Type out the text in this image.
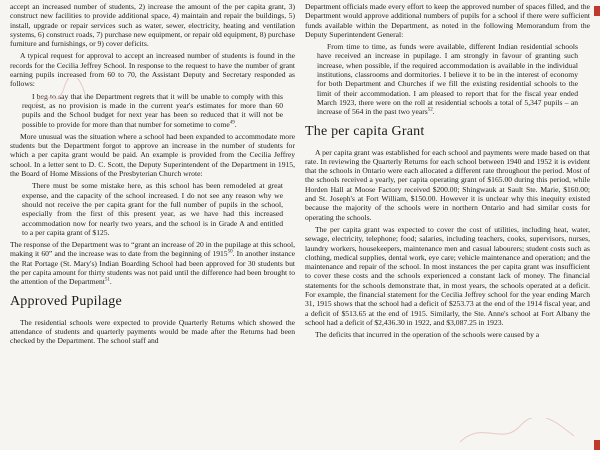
accept an increased number of students, 2) increase the amount of the per capita grant, 3) construct new facilities to provide additional space, 4) maintain and repair the buildings, 5) install, upgrade or repair services such as water, sewer, electricity, heating and ventilation systems, 6) construct roads, 7) purchase new equipment, or repair old equipment, 8) purchase furniture and furnishings, or 9) cover deficits.

A typical request for approval to accept an increased number of students is found in the records for the Cecilia Jeffrey School. In response to the request to have the number of grant earning pupils increased from 60 to 70, the Assistant Deputy and Secretary responded as follows:

I beg to say that the Department regrets that it will be unable to comply with this request, as no provision is made in the current year's estimates for more than 60 pupils and the School budget for next year has been so reduced that it will not be possible to provide for more than that number for sometime to come$^{49}$.

More unusual was the situation where a school had been expanded to accommodate more students but the Department forgot to approve an increase in the number of students for which a per capita grant would be paid. An example is provided from the Cecilia Jeffrey school. In a letter sent to D. C. Scott, the Deputy Superintendent of the Department in 1915, the Board of Home Missions of the Presbyterian Church wrote:

There must be some mistake here, as this school has been remodeled at great expense, and the capacity of the school increased. I do not see any reason why we should not receive the per capita grant for the full number of pupils in the school, especially from the first of this present year, as we have had this increased accommodation now for nearly two years, and the school is in Grade A and entitled to a per capita grant of $125.

The response of the Department was to “grant an increase of 20 in the pupilage at this school, making it 60” and the increase was to date from the beginning of 1915$^{50}$. In another instance the Rat Portage (St. Mary's) Indian Boarding School had been approved for 30 students but the per capita amount for thirty students was not paid until the difference had been brought to the attention of the Department$^{51}$.

Approved Pupilage

The residential schools were expected to provide Quarterly Returns which showed the attendance of students and quarterly payments would be made after the Returns had been checked by the Department. The school staff and

Department officials made every effort to keep the approved number of spaces filled, and the Department would approve additional numbers of pupils for a school if there were sufficient funds available within the Department, as noted in the following Memorandum from the Deputy Superintendent General:

From time to time, as funds were available, different Indian residential schools have received an increase in pupilage. I am strongly in favour of granting such increase, when possible, if the required accommodation is available in the individual institutions, classrooms and dormitories. I believe it to be in the interest of economy for both Department and Churches if we fill the existing residential schools to the limit of their accommodation. I am pleased to report that for the fiscal year ended March 1923, there were on the roll at residential schools a total of 5,347 pupils – an increase of 564 in the past two years$^{52}$.
The per capita Grant

A per capita grant was established for each school and payments were made based on that rate. In reviewing the Quarterly Returns for each school between 1940 and 1952 it is evident that the schools in Ontario were each allocated a different rate throughout the period. Most of the schools received a yearly, per capita operating grant of $165.00 during this period, while Horden Hall at Moose Factory received $200.00; Shingwauk at Sault Ste. Marie, $160.00; and St. Joseph's at Fort William, $150.00. However it is unclear why this inequity existed because the majority of the schools were in northern Ontario and had similar costs for operating the schools.

The per capita grant was expected to cover the cost of utilities, including heat, water, sewage, electricity, telephone; food; salaries, including teachers, cooks, supervisors, nurses, laundry workers, housekeepers, maintenance men and casual labourers; student costs such as clothing, medical supplies, dental work, eye care; vehicle maintenance and operation; and the maintenance and repair of the school. In most instances the per capita grant was insufficient to cover these costs and the schools experienced a constant lack of money. The financial statements for the schools demonstrate that, in most years, the schools operated at a deficit. For example, the financial statement for the Cecilia Jeffrey school for the year ending March 31, 1915 shows that the school had a deficit of $253.73 at the end of the 1914 fiscal year, and a deficit of $513.65 at the end of 1915. Similarly, the Ste. Anne's school at Fort Albany the school had a deficit of $2,436.30 in 1922, and $3,087.25 in 1923.

The deficits that incurred in the operation of the schools were caused by a
